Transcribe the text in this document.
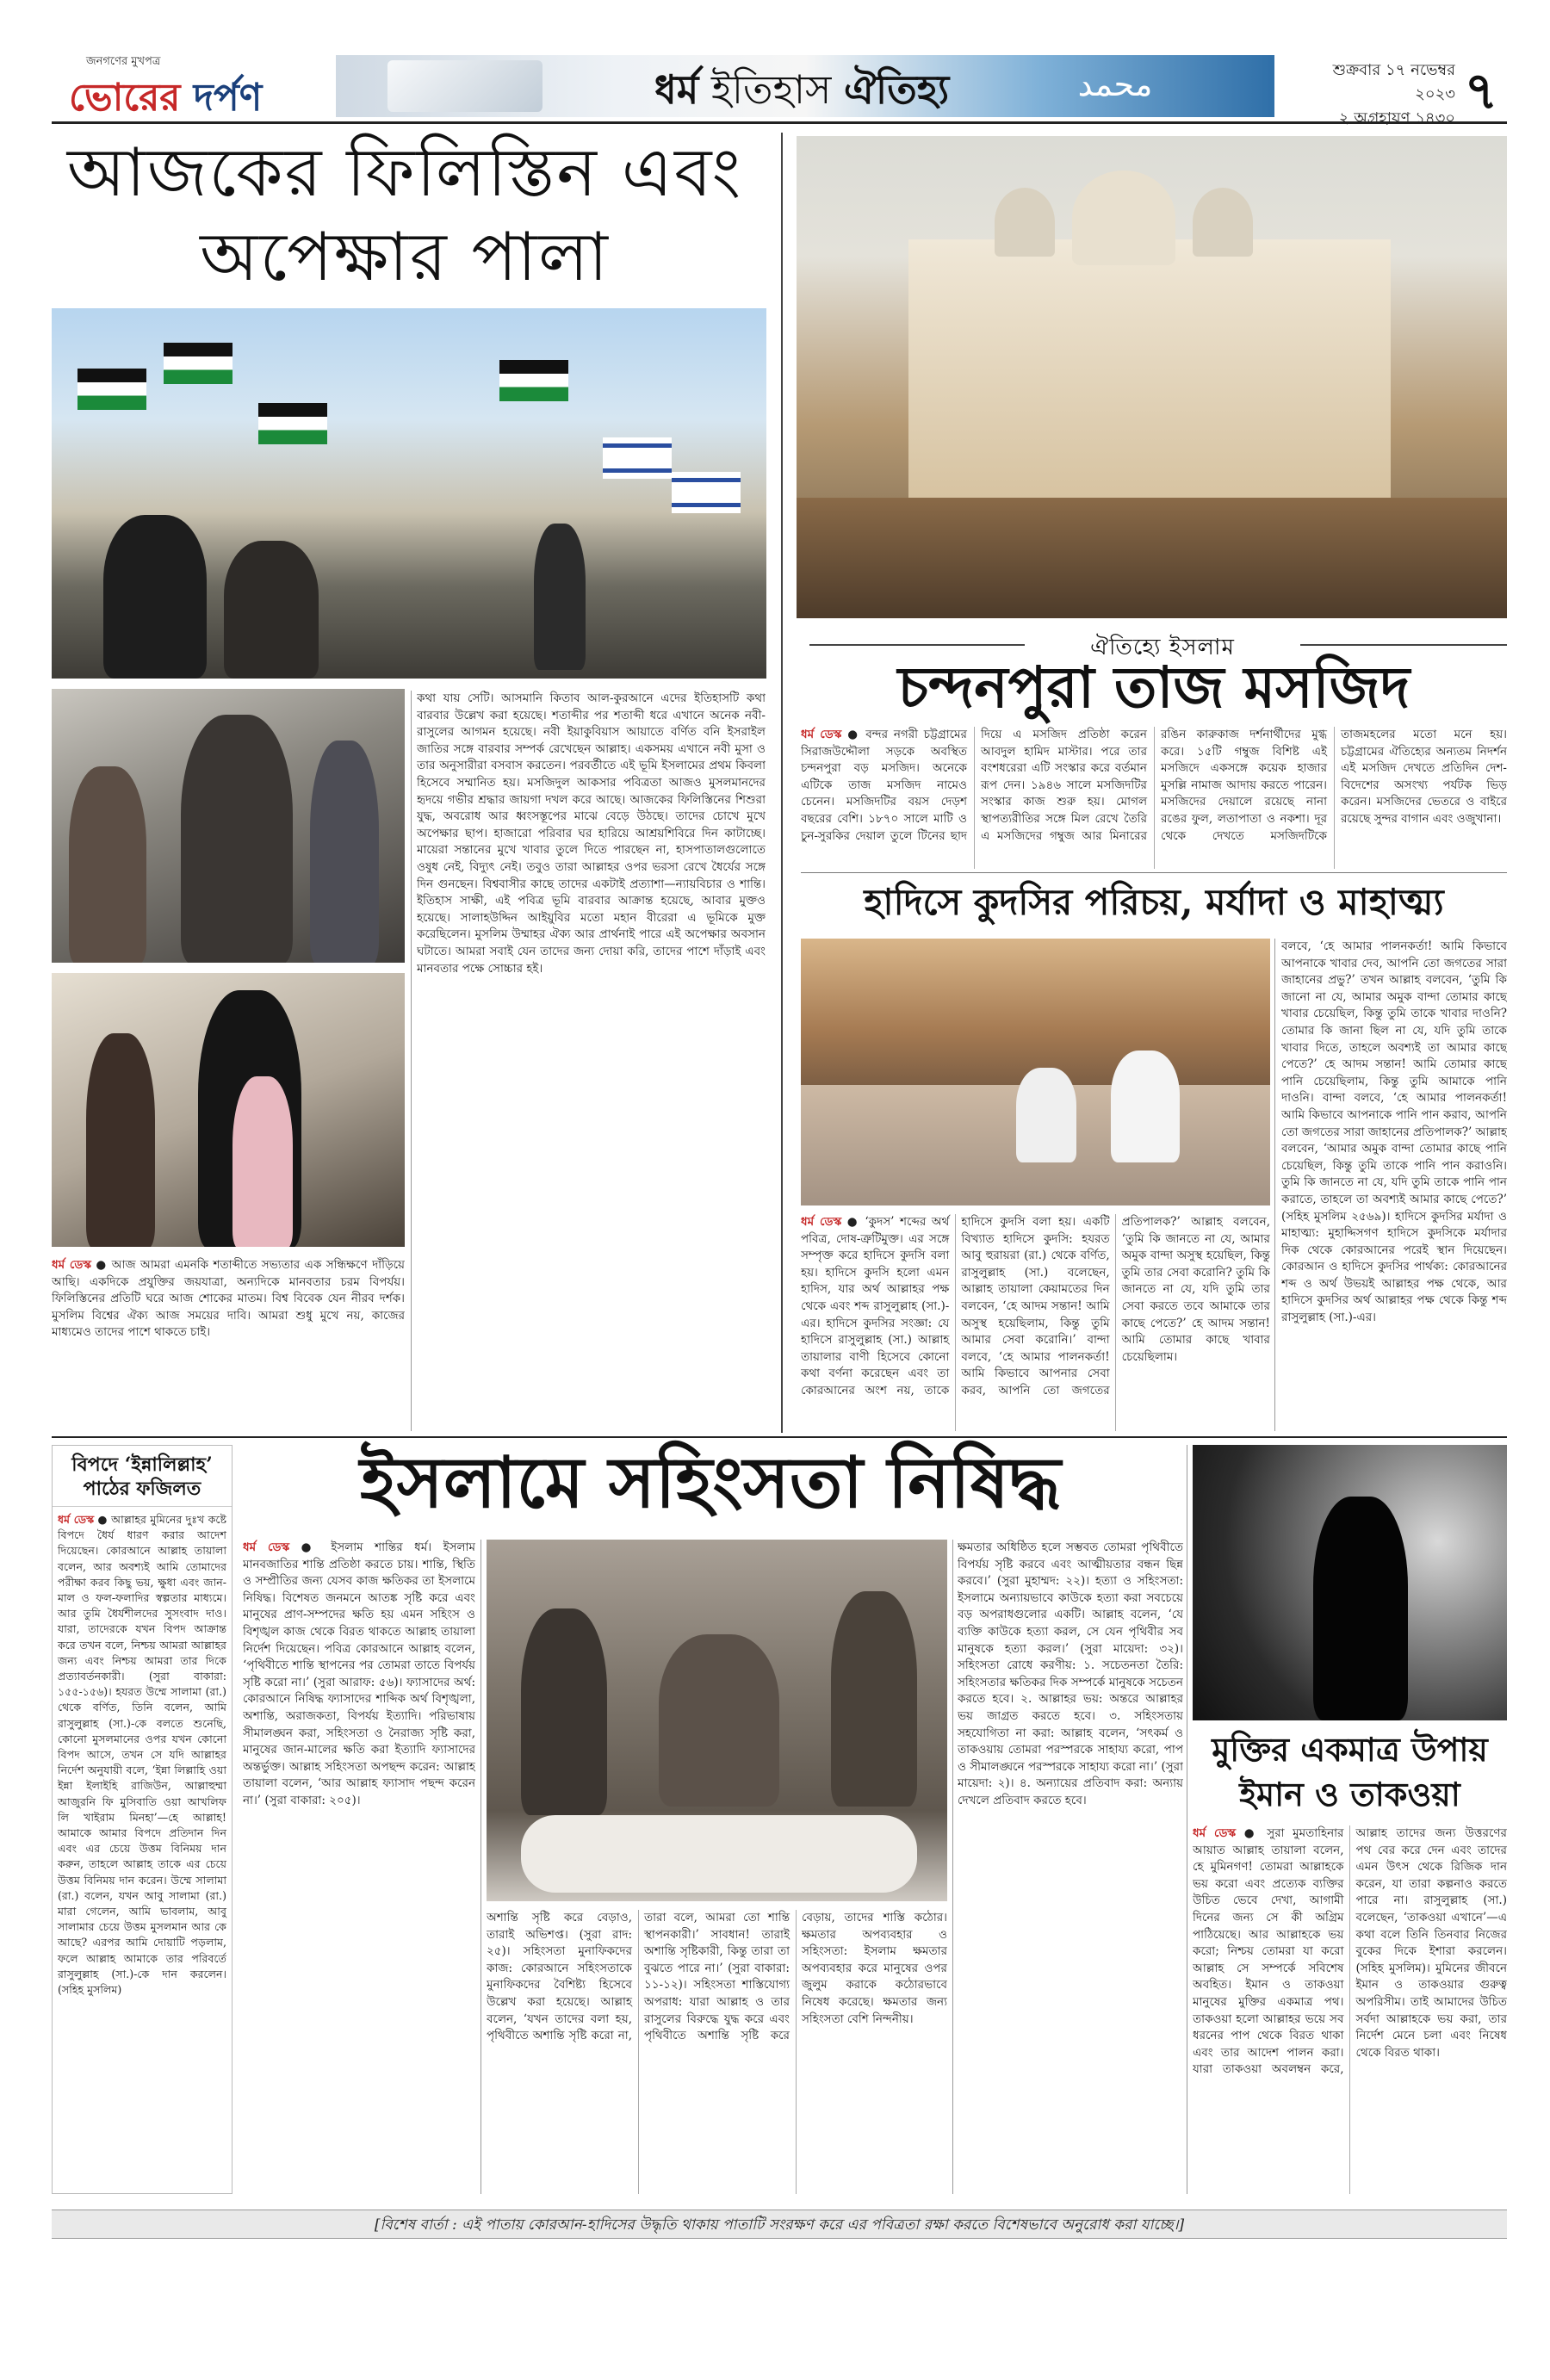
জনগণের মুখপত্র
ভোরের দর্পণ	ধর্ম ইতিহাস ঐতিহ্য	محمد	শুক্রবার ১৭ নভেম্বর ২০২৩
২ অগ্রহায়ণ ১৪৩০ ৭
আজকের ফিলিস্তিন এবং অপেক্ষার পালা
কথা যায় সেটি। আসমানি কিতাব আল-কুরআনে এদের ইতিহাসটি কথা বারবার উল্লেখ করা হয়েছে। শতাব্দীর পর শতাব্দী ধরে এখানে অনেক নবী-রাসুলের আগমন হয়েছে। নবী ইয়াকুবিয়াস আয়াতে বর্ণিত বনি ইসরাইল জাতির সঙ্গে বারবার সম্পর্ক রেখেছেন আল্লাহ। একসময় এখানে নবী মুসা ও তার অনুসারীরা বসবাস করতেন। পরবর্তীতে এই ভূমি ইসলামের প্রথম কিবলা হিসেবে সম্মানিত হয়। মসজিদুল আকসার পবিত্রতা আজও মুসলমানদের হৃদয়ে গভীর শ্রদ্ধার জায়গা দখল করে আছে। আজকের ফিলিস্তিনের শিশুরা যুদ্ধ, অবরোধ আর ধ্বংসস্তূপের মাঝে বেড়ে উঠছে। তাদের চোখে মুখে অপেক্ষার ছাপ। হাজারো পরিবার ঘর হারিয়ে আশ্রয়শিবিরে দিন কাটাচ্ছে। মায়েরা সন্তানের মুখে খাবার তুলে দিতে পারছেন না, হাসপাতালগুলোতে ওষুধ নেই, বিদ্যুৎ নেই। তবুও তারা আল্লাহর ওপর ভরসা রেখে ধৈর্যের সঙ্গে দিন গুনছেন। বিশ্ববাসীর কাছে তাদের একটাই প্রত্যাশা—ন্যায়বিচার ও শান্তি। ইতিহাস সাক্ষী, এই পবিত্র ভূমি বারবার আক্রান্ত হয়েছে, আবার মুক্তও হয়েছে। সালাহউদ্দিন আইয়ুবির মতো মহান বীরেরা এ ভূমিকে মুক্ত করেছিলেন। মুসলিম উম্মাহর ঐক্য আর প্রার্থনাই পারে এই অপেক্ষার অবসান ঘটাতে। আমরা সবাই যেন তাদের জন্য দোয়া করি, তাদের পাশে দাঁড়াই এবং মানবতার পক্ষে সোচ্চার হই।
ধর্ম ডেস্ক ● আজ আমরা এমনকি শতাব্দীতে সভ্যতার এক সন্ধিক্ষণে দাঁড়িয়ে আছি। একদিকে প্রযুক্তির জয়যাত্রা, অন্যদিকে মানবতার চরম বিপর্যয়। ফিলিস্তিনের প্রতিটি ঘরে আজ শোকের মাতম। বিশ্ব বিবেক যেন নীরব দর্শক। মুসলিম বিশ্বের ঐক্য আজ সময়ের দাবি। আমরা শুধু মুখে নয়, কাজের মাধ্যমেও তাদের পাশে থাকতে চাই।
ঐতিহ্যে ইসলাম
চন্দনপুরা তাজ মসজিদ
ধর্ম ডেস্ক ● বন্দর নগরী চট্টগ্রামের সিরাজউদ্দৌলা সড়কে অবস্থিত চন্দনপুরা বড় মসজিদ। অনেকে এটিকে তাজ মসজিদ নামেও চেনেন। মসজিদটির বয়স দেড়শ বছরের বেশি। ১৮৭০ সালে মাটি ও চুন-সুরকির দেয়াল তুলে টিনের ছাদ দিয়ে এ মসজিদ প্রতিষ্ঠা করেন আবদুল হামিদ মাস্টার। পরে তার বংশধরেরা এটি সংস্কার করে বর্তমান রূপ দেন। ১৯৪৬ সালে মসজিদটির সংস্কার কাজ শুরু হয়। মোগল স্থাপত্যরীতির সঙ্গে মিল রেখে তৈরি এ মসজিদের গম্বুজ আর মিনারের রঙিন কারুকাজ দর্শনার্থীদের মুগ্ধ করে। ১৫টি গম্বুজ বিশিষ্ট এই মসজিদে একসঙ্গে কয়েক হাজার মুসল্লি নামাজ আদায় করতে পারেন। মসজিদের দেয়ালে রয়েছে নানা রঙের ফুল, লতাপাতা ও নকশা। দূর থেকে দেখতে মসজিদটিকে তাজমহলের মতো মনে হয়। চট্টগ্রামের ঐতিহ্যের অন্যতম নিদর্শন এই মসজিদ দেখতে প্রতিদিন দেশ-বিদেশের অসংখ্য পর্যটক ভিড় করেন। মসজিদের ভেতরে ও বাইরে রয়েছে সুন্দর বাগান এবং ওজুখানা।
হাদিসে কুদসির পরিচয়, মর্যাদা ও মাহাত্ম্য
বলবে, ‘হে আমার পালনকর্তা! আমি কিভাবে আপনাকে খাবার দেব, আপনি তো জগতের সারা জাহানের প্রভু?’ তখন আল্লাহ বলবেন, ‘তুমি কি জানো না যে, আমার অমুক বান্দা তোমার কাছে খাবার চেয়েছিল, কিন্তু তুমি তাকে খাবার দাওনি? তোমার কি জানা ছিল না যে, যদি তুমি তাকে খাবার দিতে, তাহলে অবশ্যই তা আমার কাছে পেতে?’ হে আদম সন্তান! আমি তোমার কাছে পানি চেয়েছিলাম, কিন্তু তুমি আমাকে পানি দাওনি। বান্দা বলবে, ‘হে আমার পালনকর্তা! আমি কিভাবে আপনাকে পানি পান করাব, আপনি তো জগতের সারা জাহানের প্রতিপালক?’ আল্লাহ বলবেন, ‘আমার অমুক বান্দা তোমার কাছে পানি চেয়েছিল, কিন্তু তুমি তাকে পানি পান করাওনি। তুমি কি জানতে না যে, যদি তুমি তাকে পানি পান করাতে, তাহলে তা অবশ্যই আমার কাছে পেতে?’ (সহিহ মুসলিম ২৫৬৯)। হাদিসে কুদসির মর্যাদা ও মাহাত্ম্য: মুহাদ্দিসগণ হাদিসে কুদসিকে মর্যাদার দিক থেকে কোরআনের পরেই স্থান দিয়েছেন। কোরআন ও হাদিসে কুদসির পার্থক্য: কোরআনের শব্দ ও অর্থ উভয়ই আল্লাহর পক্ষ থেকে, আর হাদিসে কুদসির অর্থ আল্লাহর পক্ষ থেকে কিন্তু শব্দ রাসুলুল্লাহ (সা.)-এর।
ধর্ম ডেস্ক ● ‘কুদস’ শব্দের অর্থ পবিত্র, দোষ-ত্রুটিমুক্ত। এর সঙ্গে সম্পৃক্ত করে হাদিসে কুদসি বলা হয়। হাদিসে কুদসি হলো এমন হাদিস, যার অর্থ আল্লাহর পক্ষ থেকে এবং শব্দ রাসুলুল্লাহ (সা.)-এর। হাদিসে কুদসির সংজ্ঞা: যে হাদিসে রাসুলুল্লাহ (সা.) আল্লাহ তায়ালার বাণী হিসেবে কোনো কথা বর্ণনা করেছেন এবং তা কোরআনের অংশ নয়, তাকে হাদিসে কুদসি বলা হয়। একটি বিখ্যাত হাদিসে কুদসি: হযরত আবু হুরায়রা (রা.) থেকে বর্ণিত, রাসুলুল্লাহ (সা.) বলেছেন, আল্লাহ তায়ালা কেয়ামতের দিন বলবেন, ‘হে আদম সন্তান! আমি অসুস্থ হয়েছিলাম, কিন্তু তুমি আমার সেবা করোনি।’ বান্দা বলবে, ‘হে আমার পালনকর্তা! আমি কিভাবে আপনার সেবা করব, আপনি তো জগতের প্রতিপালক?’ আল্লাহ বলবেন, ‘তুমি কি জানতে না যে, আমার অমুক বান্দা অসুস্থ হয়েছিল, কিন্তু তুমি তার সেবা করোনি? তুমি কি জানতে না যে, যদি তুমি তার সেবা করতে তবে আমাকে তার কাছে পেতে?’ হে আদম সন্তান! আমি তোমার কাছে খাবার চেয়েছিলাম।
বিপদে ‘ইন্নালিল্লাহ’ পাঠের ফজিলত
ধর্ম ডেস্ক ● আল্লাহর মুমিনের দুঃখ কষ্টে বিপদে ধৈর্য ধারণ করার আদেশ দিয়েছেন। কোরআনে আল্লাহ তায়ালা বলেন, আর অবশ্যই আমি তোমাদের পরীক্ষা করব কিছু ভয়, ক্ষুধা এবং জান-মাল ও ফল-ফলাদির স্বল্পতার মাধ্যমে। আর তুমি ধৈর্যশীলদের সুসংবাদ দাও। যারা, তাদেরকে যখন বিপদ আক্রান্ত করে তখন বলে, নিশ্চয় আমরা আল্লাহর জন্য এবং নিশ্চয় আমরা তার দিকে প্রত্যাবর্তনকারী। (সুরা বাকারা: ১৫৫-১৫৬)। হযরত উম্মে সালামা (রা.) থেকে বর্ণিত, তিনি বলেন, আমি রাসুলুল্লাহ (সা.)-কে বলতে শুনেছি, কোনো মুসলমানের ওপর যখন কোনো বিপদ আসে, তখন সে যদি আল্লাহর নির্দেশ অনুযায়ী বলে, ‘ইন্না লিল্লাহি ওয়া ইন্না ইলাইহি রাজিউন, আল্লাহুম্মা আজুরনি ফি মুসিবাতি ওয়া আখলিফ লি খাইরাম মিনহা’—হে আল্লাহ! আমাকে আমার বিপদে প্রতিদান দিন এবং এর চেয়ে উত্তম বিনিময় দান করুন, তাহলে আল্লাহ তাকে এর চেয়ে উত্তম বিনিময় দান করেন। উম্মে সালামা (রা.) বলেন, যখন আবু সালামা (রা.) মারা গেলেন, আমি ভাবলাম, আবু সালামার চেয়ে উত্তম মুসলমান আর কে আছে? এরপর আমি দোয়াটি পড়লাম, ফলে আল্লাহ আমাকে তার পরিবর্তে রাসুলুল্লাহ (সা.)-কে দান করলেন। (সহিহ মুসলিম)
ইসলামে সহিংসতা নিষিদ্ধ
ধর্ম ডেস্ক ● ইসলাম শান্তির ধর্ম। ইসলাম মানবজাতির শান্তি প্রতিষ্ঠা করতে চায়। শান্তি, স্থিতি ও সম্প্রীতির জন্য যেসব কাজ ক্ষতিকর তা ইসলামে নিষিদ্ধ। বিশেষত জনমনে আতঙ্ক সৃষ্টি করে এবং মানুষের প্রাণ-সম্পদের ক্ষতি হয় এমন সহিংস ও বিশৃঙ্খল কাজ থেকে বিরত থাকতে আল্লাহ তায়ালা নির্দেশ দিয়েছেন। পবিত্র কোরআনে আল্লাহ বলেন, ‘পৃথিবীতে শান্তি স্থাপনের পর তোমরা তাতে বিপর্যয় সৃষ্টি করো না।’ (সুরা আরাফ: ৫৬)। ফ্যাসাদের অর্থ: কোরআনে নিষিদ্ধ ফ্যাসাদের শাব্দিক অর্থ বিশৃঙ্খলা, অশান্তি, অরাজকতা, বিপর্যয় ইত্যাদি। পরিভাষায় সীমালঙ্ঘন করা, সহিংসতা ও নৈরাজ্য সৃষ্টি করা, মানুষের জান-মালের ক্ষতি করা ইত্যাদি ফ্যাসাদের অন্তর্ভুক্ত। আল্লাহ সহিংসতা অপছন্দ করেন: আল্লাহ তায়ালা বলেন, ‘আর আল্লাহ ফ্যাসাদ পছন্দ করেন না।’ (সুরা বাকারা: ২০৫)।
অশান্তি সৃষ্টি করে বেড়াও, তারাই অভিশপ্ত। (সুরা রাদ: ২৫)। সহিংসতা মুনাফিকদের কাজ: কোরআনে সহিংসতাকে মুনাফিকদের বৈশিষ্ট্য হিসেবে উল্লেখ করা হয়েছে। আল্লাহ বলেন, ‘যখন তাদের বলা হয়, পৃথিবীতে অশান্তি সৃষ্টি করো না, তারা বলে, আমরা তো শান্তি স্থাপনকারী।’ সাবধান! তারাই অশান্তি সৃষ্টিকারী, কিন্তু তারা তা বুঝতে পারে না।’ (সুরা বাকারা: ১১-১২)। সহিংসতা শাস্তিযোগ্য অপরাধ: যারা আল্লাহ ও তার রাসুলের বিরুদ্ধে যুদ্ধ করে এবং পৃথিবীতে অশান্তি সৃষ্টি করে বেড়ায়, তাদের শাস্তি কঠোর। ক্ষমতার অপব্যবহার ও সহিংসতা: ইসলাম ক্ষমতার অপব্যবহার করে মানুষের ওপর জুলুম করাকে কঠোরভাবে নিষেধ করেছে। ক্ষমতার জন্য সহিংসতা বেশি নিন্দনীয়।
ক্ষমতার অধিষ্ঠিত হলে সম্ভবত তোমরা পৃথিবীতে বিপর্যয় সৃষ্টি করবে এবং আত্মীয়তার বন্ধন ছিন্ন করবে।’ (সুরা মুহাম্মদ: ২২)। হত্যা ও সহিংসতা: ইসলামে অন্যায়ভাবে কাউকে হত্যা করা সবচেয়ে বড় অপরাধগুলোর একটি। আল্লাহ বলেন, ‘যে ব্যক্তি কাউকে হত্যা করল, সে যেন পৃথিবীর সব মানুষকে হত্যা করল।’ (সুরা মায়েদা: ৩২)। সহিংসতা রোধে করণীয়: ১. সচেতনতা তৈরি: সহিংসতার ক্ষতিকর দিক সম্পর্কে মানুষকে সচেতন করতে হবে। ২. আল্লাহর ভয়: অন্তরে আল্লাহর ভয় জাগ্রত করতে হবে। ৩. সহিংসতায় সহযোগিতা না করা: আল্লাহ বলেন, ‘সৎকর্ম ও তাকওয়ায় তোমরা পরস্পরকে সাহায্য করো, পাপ ও সীমালঙ্ঘনে পরস্পরকে সাহায্য করো না।’ (সুরা মায়েদা: ২)। ৪. অন্যায়ের প্রতিবাদ করা: অন্যায় দেখলে প্রতিবাদ করতে হবে।
মুক্তির একমাত্র উপায়
ইমান ও তাকওয়া
ধর্ম ডেস্ক ● সুরা মুমতাহিনার আয়াত আল্লাহ তায়ালা বলেন, হে মুমিনগণ! তোমরা আল্লাহকে ভয় করো এবং প্রত্যেক ব্যক্তির উচিত ভেবে দেখা, আগামী দিনের জন্য সে কী অগ্রিম পাঠিয়েছে। আর আল্লাহকে ভয় করো; নিশ্চয় তোমরা যা করো আল্লাহ সে সম্পর্কে সবিশেষ অবহিত। ইমান ও তাকওয়া মানুষের মুক্তির একমাত্র পথ। তাকওয়া হলো আল্লাহর ভয়ে সব ধরনের পাপ থেকে বিরত থাকা এবং তার আদেশ পালন করা। যারা তাকওয়া অবলম্বন করে, আল্লাহ তাদের জন্য উত্তরণের পথ বের করে দেন এবং তাদের এমন উৎস থেকে রিজিক দান করেন, যা তারা কল্পনাও করতে পারে না। রাসুলুল্লাহ (সা.) বলেছেন, ‘তাকওয়া এখানে’—এ কথা বলে তিনি তিনবার নিজের বুকের দিকে ইশারা করলেন। (সহিহ মুসলিম)। মুমিনের জীবনে ইমান ও তাকওয়ার গুরুত্ব অপরিসীম। তাই আমাদের উচিত সর্বদা আল্লাহকে ভয় করা, তার নির্দেশ মেনে চলা এবং নিষেধ থেকে বিরত থাকা।
[বিশেষ বার্তা : এই পাতায় কোরআন-হাদিসের উদ্ধৃতি থাকায় পাতাটি সংরক্ষণ করে এর পবিত্রতা রক্ষা করতে বিশেষভাবে অনুরোধ করা যাচ্ছে।]
